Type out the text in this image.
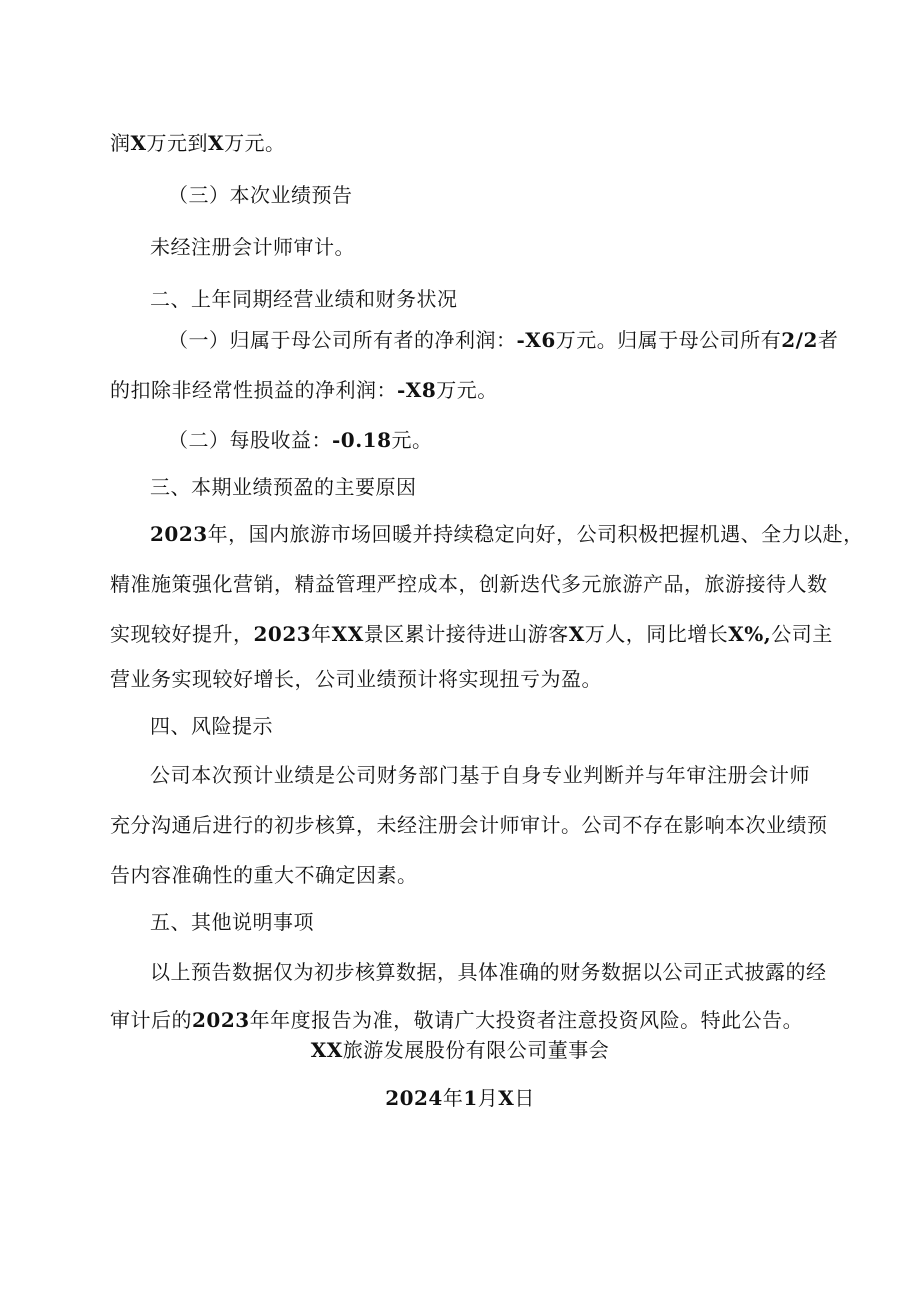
润X万元到X万元。
（三）本次业绩预告
未经注册会计师审计。
二、上年同期经营业绩和财务状况
（一）归属于母公司所有者的净利润：-X6万元。归属于母公司所有2/2者
的扣除非经常性损益的净利润：-X8万元。
（二）每股收益：-0.18元。
三、本期业绩预盈的主要原因
2023年，国内旅游市场回暖并持续稳定向好，公司积极把握机遇、全力以赴，
精准施策强化营销，精益管理严控成本，创新迭代多元旅游产品，旅游接待人数
实现较好提升，2023年XX景区累计接待进山游客X万人，同比增长X%,公司主
营业务实现较好增长，公司业绩预计将实现扭亏为盈。
四、风险提示
公司本次预计业绩是公司财务部门基于自身专业判断并与年审注册会计师
充分沟通后进行的初步核算，未经注册会计师审计。公司不存在影响本次业绩预
告内容准确性的重大不确定因素。
五、其他说明事项
以上预告数据仅为初步核算数据，具体准确的财务数据以公司正式披露的经
审计后的2023年年度报告为准，敬请广大投资者注意投资风险。特此公告。
XX旅游发展股份有限公司董事会
2024年1月X日
